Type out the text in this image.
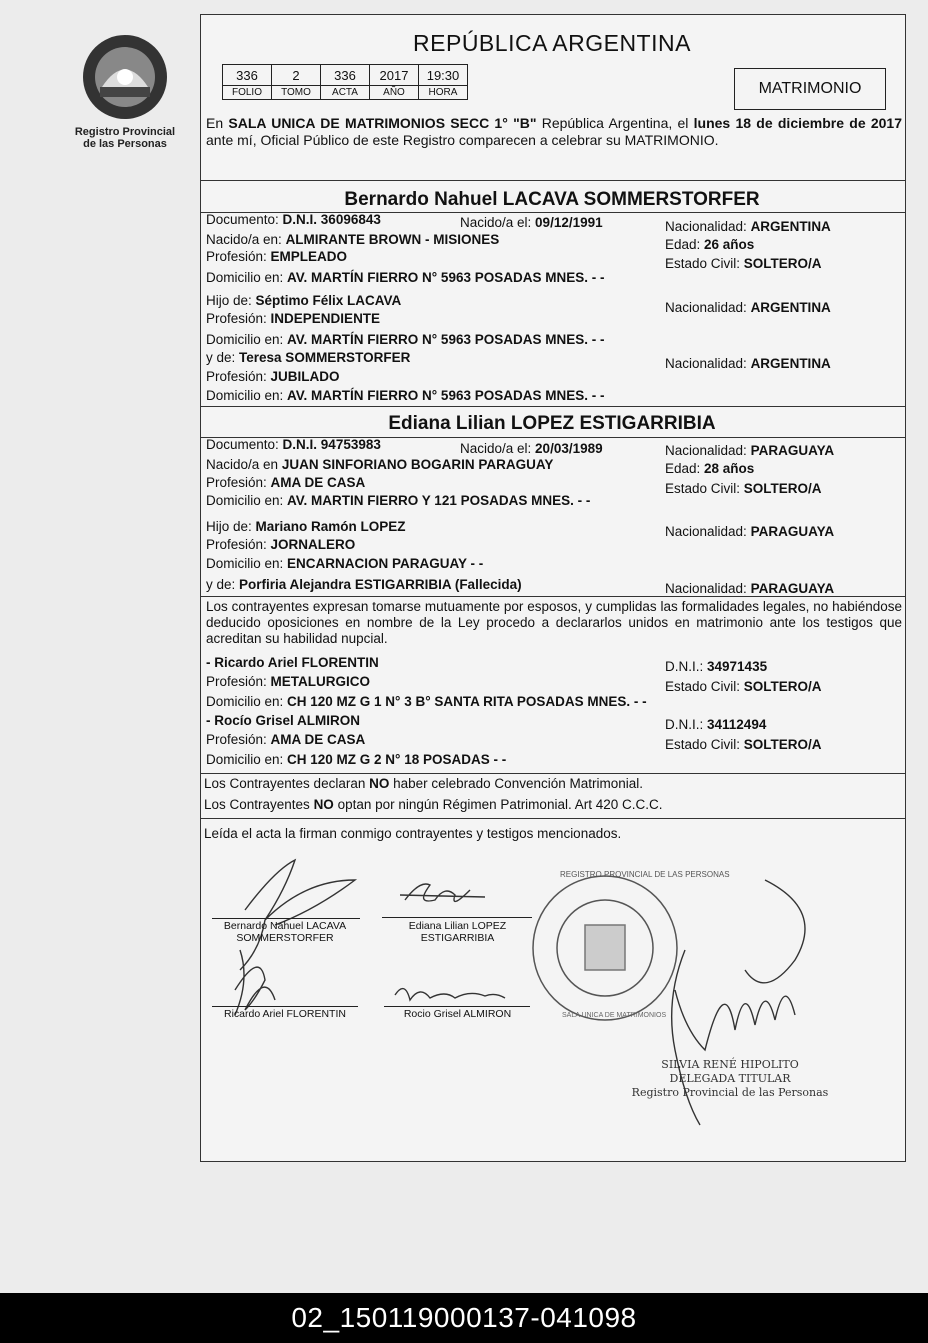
Registro Provincial
de las Personas
REPÚBLICA ARGENTINA
336	2	336	2017	19:30
FOLIO	TOMO	ACTA	AÑO	HORA	MATRIMONIO
En SALA UNICA DE MATRIMONIOS SECC 1° "B" República Argentina, el lunes 18 de diciembre de 2017 ante mí, Oficial Público de este Registro comparecen a celebrar su MATRIMONIO.
Bernardo Nahuel LACAVA SOMMERSTORFER
Documento: D.N.I. 36096843	Nacido/a el: 09/12/1991	Nacionalidad: ARGENTINA
Nacido/a en: ALMIRANTE BROWN - MISIONES	Edad: 26 años
Profesión: EMPLEADO	Estado Civil: SOLTERO/A
Domicilio en: AV. MARTÍN FIERRO N° 5963 POSADAS MNES. - -
Hijo de: Séptimo Félix LACAVA	Nacionalidad: ARGENTINA
Profesión: INDEPENDIENTE
Domicilio en: AV. MARTÍN FIERRO N° 5963 POSADAS MNES. - -
y de: Teresa SOMMERSTORFER	Nacionalidad: ARGENTINA
Profesión: JUBILADO
Domicilio en: AV. MARTÍN FIERRO N° 5963 POSADAS MNES. - -
Ediana Lilian LOPEZ ESTIGARRIBIA
Documento: D.N.I. 94753983	Nacido/a el: 20/03/1989	Nacionalidad: PARAGUAYA
Nacido/a en JUAN SINFORIANO BOGARIN PARAGUAY	Edad: 28 años
Profesión: AMA DE CASA	Estado Civil: SOLTERO/A
Domicilio en: AV. MARTIN FIERRO Y 121 POSADAS MNES. - -
Hijo de: Mariano Ramón LOPEZ	Nacionalidad: PARAGUAYA
Profesión: JORNALERO
Domicilio en: ENCARNACION PARAGUAY - -
y de: Porfiria Alejandra ESTIGARRIBIA (Fallecida)	Nacionalidad: PARAGUAYA
Los contrayentes expresan tomarse mutuamente por esposos, y cumplidas las formalidades legales, no habiéndose deducido oposiciones en nombre de la Ley procedo a declararlos unidos en matrimonio ante los testigos que acreditan su habilidad nupcial.
- Ricardo Ariel FLORENTIN	D.N.I.: 34971435
Profesión: METALURGICO	Estado Civil: SOLTERO/A
Domicilio en: CH 120 MZ G 1 N° 3 B° SANTA RITA POSADAS MNES. - -
- Rocío Grisel ALMIRON	D.N.I.: 34112494
Profesión: AMA DE CASA	Estado Civil: SOLTERO/A
Domicilio en: CH 120 MZ G 2 N° 18 POSADAS - -
Los Contrayentes declaran NO haber celebrado Convención Matrimonial.
Los Contrayentes NO optan por ningún Régimen Patrimonial. Art 420 C.C.C.
Leída el acta la firman conmigo contrayentes y testigos mencionados.
REGISTRO PROVINCIAL DE LAS PERSONAS
SALA UNICA DE MATRIMONIOS
Bernardo Nahuel LACAVA
SOMMERSTORFER
Ediana Lilian LOPEZ
ESTIGARRIBIA
Ricardo Ariel FLORENTIN	Rocio Grisel ALMIRON
SILVIA RENÉ HIPOLITO
DELEGADA TITULAR
Registro Provincial de las Personas
02_150119000137-041098
